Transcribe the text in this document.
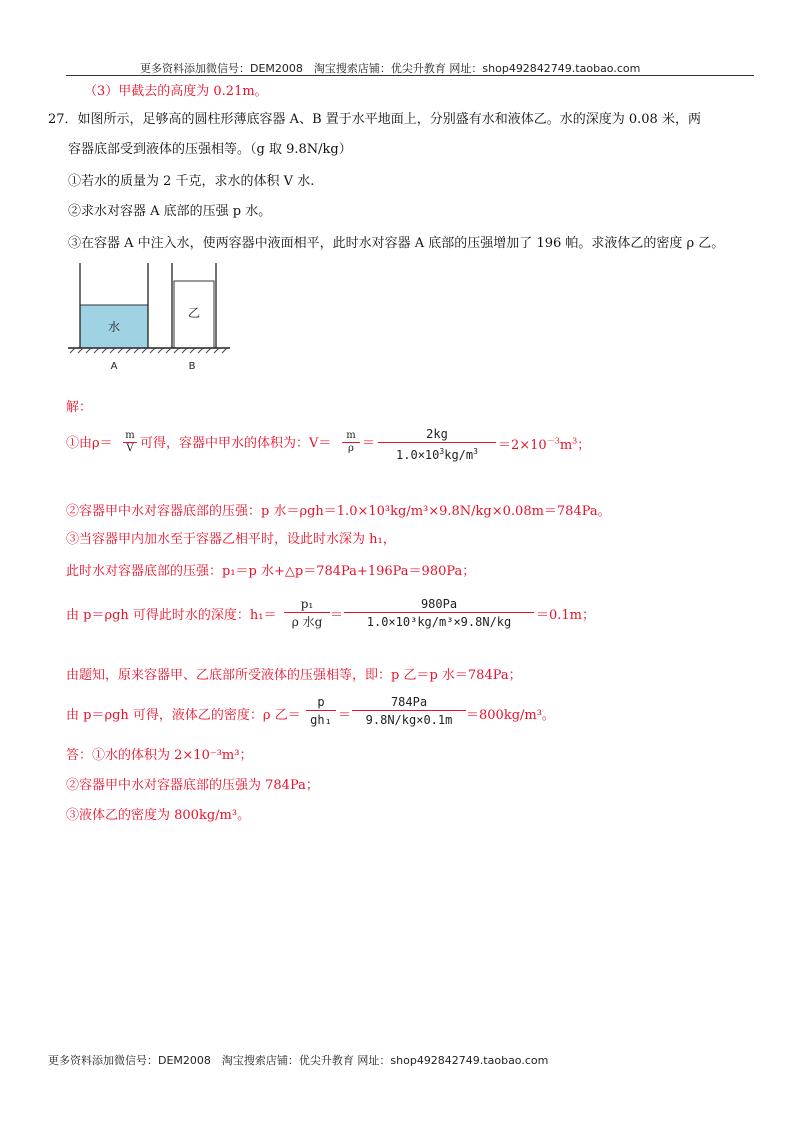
更多资料添加微信号：DEM2008　淘宝搜索店铺：优尖升教育 网址：shop492842749.taobao.com
（3）甲截去的高度为 0.21m。
27．如图所示，足够高的圆柱形薄底容器 A、B 置于水平地面上，分别盛有水和液体乙。水的深度为 0.08 米，两
容器底部受到液体的压强相等。（g 取 9.8N/kg）
①若水的质量为 2 千克，求水的体积 V 水.
②求水对容器 A 底部的压强 p 水。
③在容器 A 中注入水，使两容器中液面相平，此时水对容器 A 底部的压强增加了 196 帕。求液体乙的密度 ρ 乙。
水
乙
A	B
解：
①由$\rho= \frac{m}{V}$ 可得，容器中甲水的体积为：$V= \frac{m}{\rho} = \frac{2kg}{1.0\times 10^3kg/m^3} =2\times 10^{-3}m^3$；
②容器甲中水对容器底部的压强：p 水＝ρgh＝1.0×10³kg/m³×9.8N/kg×0.08m＝784Pa。
③当容器甲内加水至于容器乙相平时，设此时水深为 h₁，
此时水对容器底部的压强：p₁＝p 水+△p＝784Pa+196Pa＝980Pa；
由 p＝ρgh 可得此时水的深度：h₁＝
p₁
ρ 水$g = \frac{980Pa}{\text{1.0×10³kg/m³×9.8N/kg}} =0.1m$；
由题知，原来容器甲、乙底部所受液体的压强相等，即：p 乙＝p 水＝784Pa；
由 p＝ρgh 可得，液体乙的密度：ρ 乙＝ $\frac{p}{\text{gh₁}} = \frac{784Pa}{9.8N/kg\times 0.1m} =800kg/m^3$。
答：①水的体积为 2×10⁻³m³；
②容器甲中水对容器底部的压强为 784Pa；
③液体乙的密度为 800kg/m³。
更多资料添加微信号：DEM2008　淘宝搜索店铺：优尖升教育 网址：shop492842749.taobao.com
